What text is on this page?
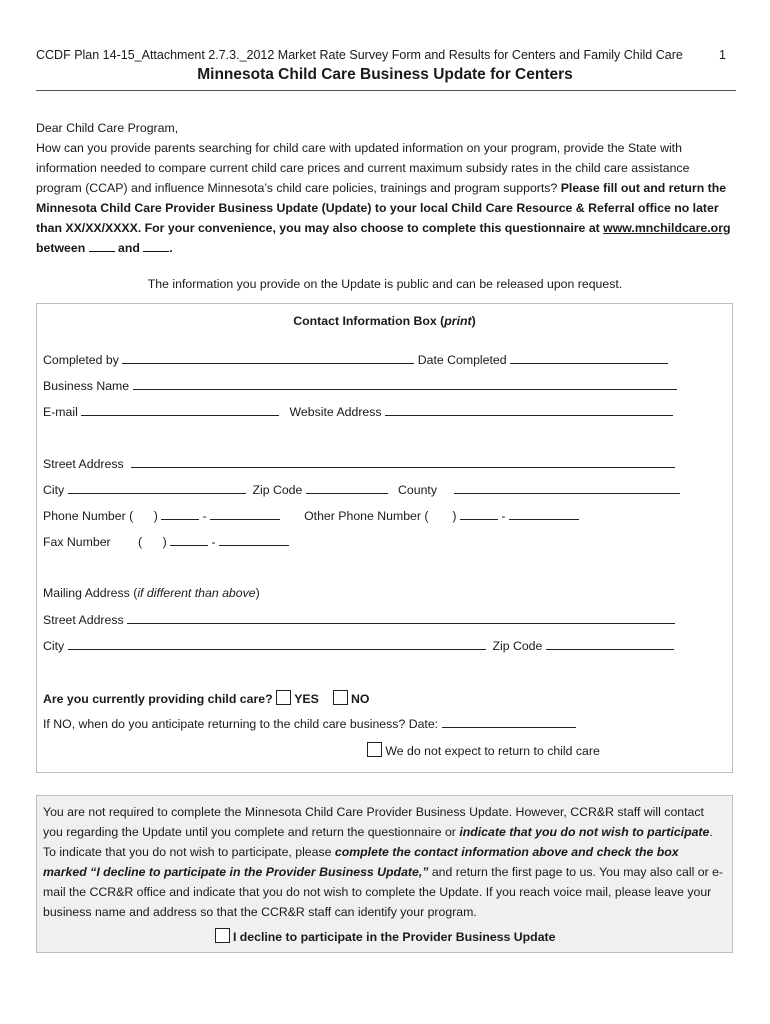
CCDF Plan 14-15_Attachment 2.7.3._2012 Market Rate Survey Form and Results for Centers and Family Child Care	1
Minnesota Child Care Business Update for Centers

Dear Child Care Program,

How can you provide parents searching for child care with updated information on your program, provide the State with information needed to compare current child care prices and current maximum subsidy rates in the child care assistance program (CCAP) and influence Minnesota’s child care policies, trainings and program supports? Please fill out and return the Minnesota Child Care Provider Business Update (Update) to your local Child Care Resource & Referral office no later than XX/XX/XXXX. For your convenience, you may also choose to complete this questionnaire at www.mnchildcare.org
between	and .

The information you provide on the Update is public and can be released upon request.
Contact Information Box (print)
Completed by	Date Completed
Business Name
E-mail	Website Address
Street Address
City	Zip Code	County
Phone Number (      )	-	Other Phone Number (       )	-
Fax Number        (      )	-
Mailing Address (if different than above)
Street Address
City	Zip Code
Are you currently providing child care? YES	NO
If NO, when do you anticipate returning to the child care business? Date:
We do not expect to return to child care

You are not required to complete the Minnesota Child Care Provider Business Update. However, CCR&R staff will contact you regarding the Update until you complete and return the questionnaire or indicate that you do not wish to participate. To indicate that you do not wish to participate, please complete the contact information above and check the box marked “I decline to participate in the Provider Business Update,” and return the first page to us. You may also call or e-mail the CCR&R office and indicate that you do not wish to complete the Update. If you reach voice mail, please leave your business name and address so that the CCR&R staff can identify your program.

I decline to participate in the Provider Business Update
